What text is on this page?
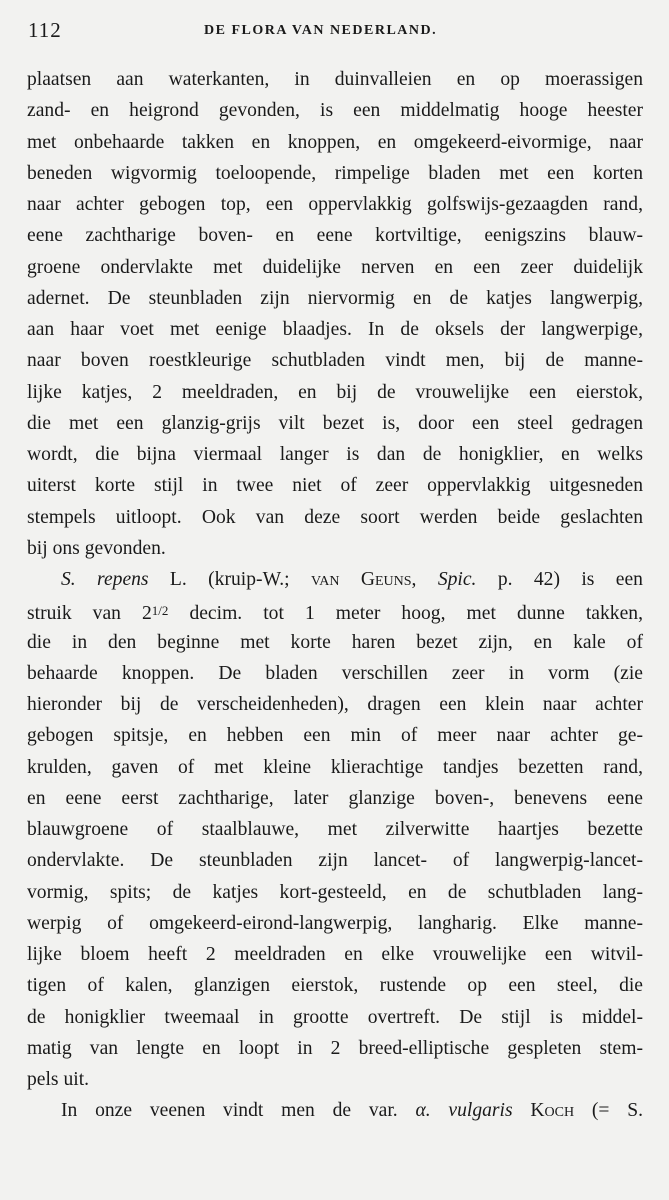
112	DE FLORA VAN NEDERLAND.
plaatsen aan waterkanten, in duinvalleien en op moerassigen
zand- en heigrond gevonden, is een middelmatig hooge heester
met onbehaarde takken en knoppen, en omgekeerd-eivormige, naar
beneden wigvormig toeloopende, rimpelige bladen met een korten
naar achter gebogen top, een oppervlakkig golfswijs-gezaagden rand,
eene zachtharige boven- en eene kortviltige, eenigszins blauw-
groene ondervlakte met duidelijke nerven en een zeer duidelijk
adernet. De steunbladen zijn niervormig en de katjes langwerpig,
aan haar voet met eenige blaadjes. In de oksels der langwerpige,
naar boven roestkleurige schutbladen vindt men, bij de manne-
lijke katjes, 2 meeldraden, en bij de vrouwelijke een eierstok,
die met een glanzig-grijs vilt bezet is, door een steel gedragen
wordt, die bijna viermaal langer is dan de honigklier, en welks
uiterst korte stijl in twee niet of zeer oppervlakkig uitgesneden
stempels uitloopt. Ook van deze soort werden beide geslachten
bij ons gevonden.
S. repens L. (kruip-W.; van Geuns, Spic. p. 42) is een
struik van $2^{1/2}$ decim. tot 1 meter hoog, met dunne takken,
die in den beginne met korte haren bezet zijn, en kale of
behaarde knoppen. De bladen verschillen zeer in vorm (zie
hieronder bij de verscheidenheden), dragen een klein naar achter
gebogen spitsje, en hebben een min of meer naar achter ge-
krulden, gaven of met kleine klierachtige tandjes bezetten rand,
en eene eerst zachtharige, later glanzige boven-, benevens eene
blauwgroene of staalblauwe, met zilverwitte haartjes bezette
ondervlakte. De steunbladen zijn lancet- of langwerpig-lancet-
vormig, spits; de katjes kort-gesteeld, en de schutbladen lang-
werpig of omgekeerd-eirond-langwerpig, langharig. Elke manne-
lijke bloem heeft 2 meeldraden en elke vrouwelijke een witvil-
tigen of kalen, glanzigen eierstok, rustende op een steel, die
de honigklier tweemaal in grootte overtreft. De stijl is middel-
matig van lengte en loopt in 2 breed-elliptische gespleten stem-
pels uit.
In onze veenen vindt men de var. α. vulgaris Koch (= S.
